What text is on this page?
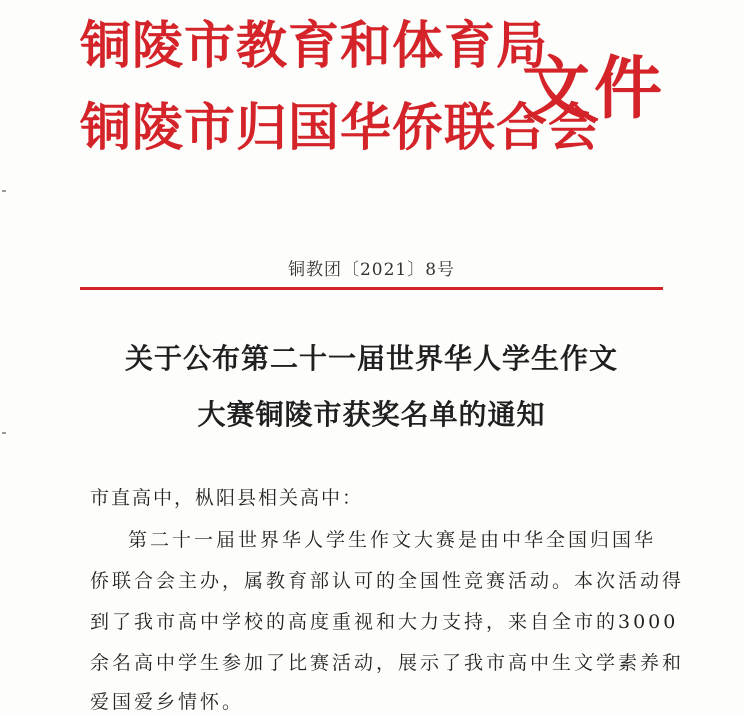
铜陵市教育和体育局
铜陵市归国华侨联合会
文件
铜教团〔2021〕8号
关于公布第二十一届世界华人学生作文
大赛铜陵市获奖名单的通知
市直高中，枞阳县相关高中：
第二十一届世界华人学生作文大赛是由中华全国归国华
侨联合会主办，属教育部认可的全国性竞赛活动。本次活动得
到了我市高中学校的高度重视和大力支持，来自全市的3000
余名高中学生参加了比赛活动，展示了我市高中生文学素养和
爱国爱乡情怀。
